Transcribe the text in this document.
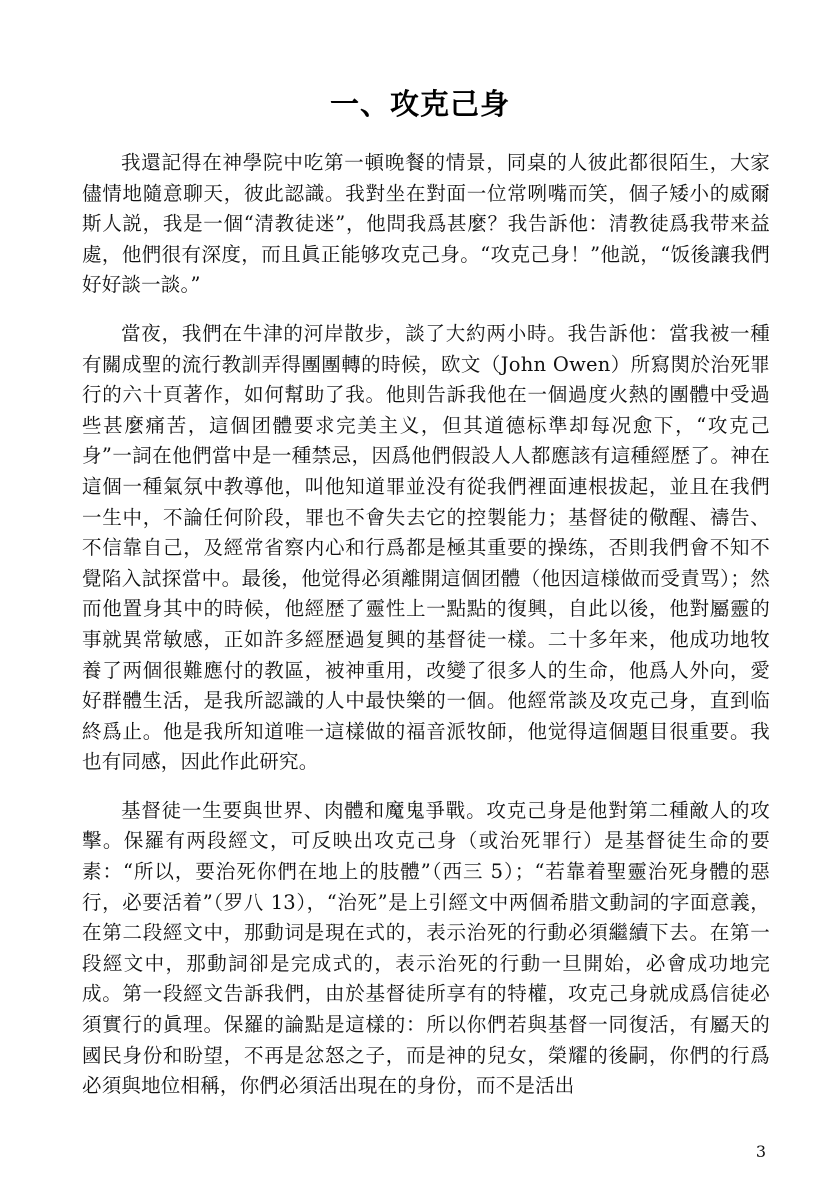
一、攻克己身

我還記得在神學院中吃第一頓晚餐的情景，同桌的人彼此都很陌生，大家儘情地隨意聊天，彼此認識。我對坐在對面一位常咧嘴而笑，個子矮小的威爾斯人説，我是一個“清教徒迷”，他問我爲甚麼？我告訴他：清教徒爲我带来益處，他們很有深度，而且眞正能够攻克己身。“攻克己身！”他説，“饭後讓我們好好談一談。”

當夜，我們在牛津的河岸散步，談了大約两小時。我告訴他：當我被一種有關成聖的流行教訓弄得團團轉的時候，欧文（John Owen）所寫関於治死罪行的六十頁著作，如何幫助了我。他則告訴我他在一個過度火熱的團體中受過些甚麼痛苦，這個团體要求完美主义，但其道德标準却每况愈下，“攻克己身”一詞在他們當中是一種禁忌，因爲他們假設人人都應該有這種經歴了。神在這個一種氣氛中教導他，叫他知道罪並没有從我們裡面連根拔起，並且在我們一生中，不論任何阶段，罪也不會失去它的控製能力；基督徒的儆醒、禱告、不信靠自己，及經常省察内心和行爲都是極其重要的操练，否則我們會不知不覺陷入試探當中。最後，他觉得必須離開這個团體（他因這様做而受責骂）；然而他置身其中的時候，他經歴了靈性上一點點的復興，自此以後，他對屬靈的事就異常敏感，正如許多經歴過复興的基督徒一樣。二十多年来，他成功地牧養了两個很難應付的教區，被神重用，改變了很多人的生命，他爲人外向，愛好群體生活，是我所認識的人中最快樂的一個。他經常談及攻克己身，直到临終爲止。他是我所知道唯一這樣做的福音派牧師，他觉得這個題目很重要。我也有同感，因此作此研究。

基督徒一生要與世界、肉體和魔鬼爭戰。攻克己身是他對第二種敵人的攻擊。保羅有两段經文，可反映出攻克己身（或治死罪行）是基督徒生命的要素：“所以，要治死你們在地上的肢體”（西三 5）；“若靠着聖靈治死身體的惡行，必要活着”（罗八 13），“治死”是上引經文中两個希腊文動詞的字面意義，在第二段經文中，那動词是現在式的，表示治死的行動必須繼續下去。在第一段經文中，那動詞卻是完成式的，表示治死的行動一旦開始，必會成功地完成。第一段經文告訴我們，由於基督徒所享有的特權，攻克己身就成爲信徒必須實行的眞理。保羅的論點是這樣的：所以你們若與基督一同復活，有屬天的國民身份和盼望，不再是忿怒之子，而是神的兒女，榮耀的後嗣，你們的行爲必須與地位相稱，你們必須活出現在的身份，而不是活出

3
